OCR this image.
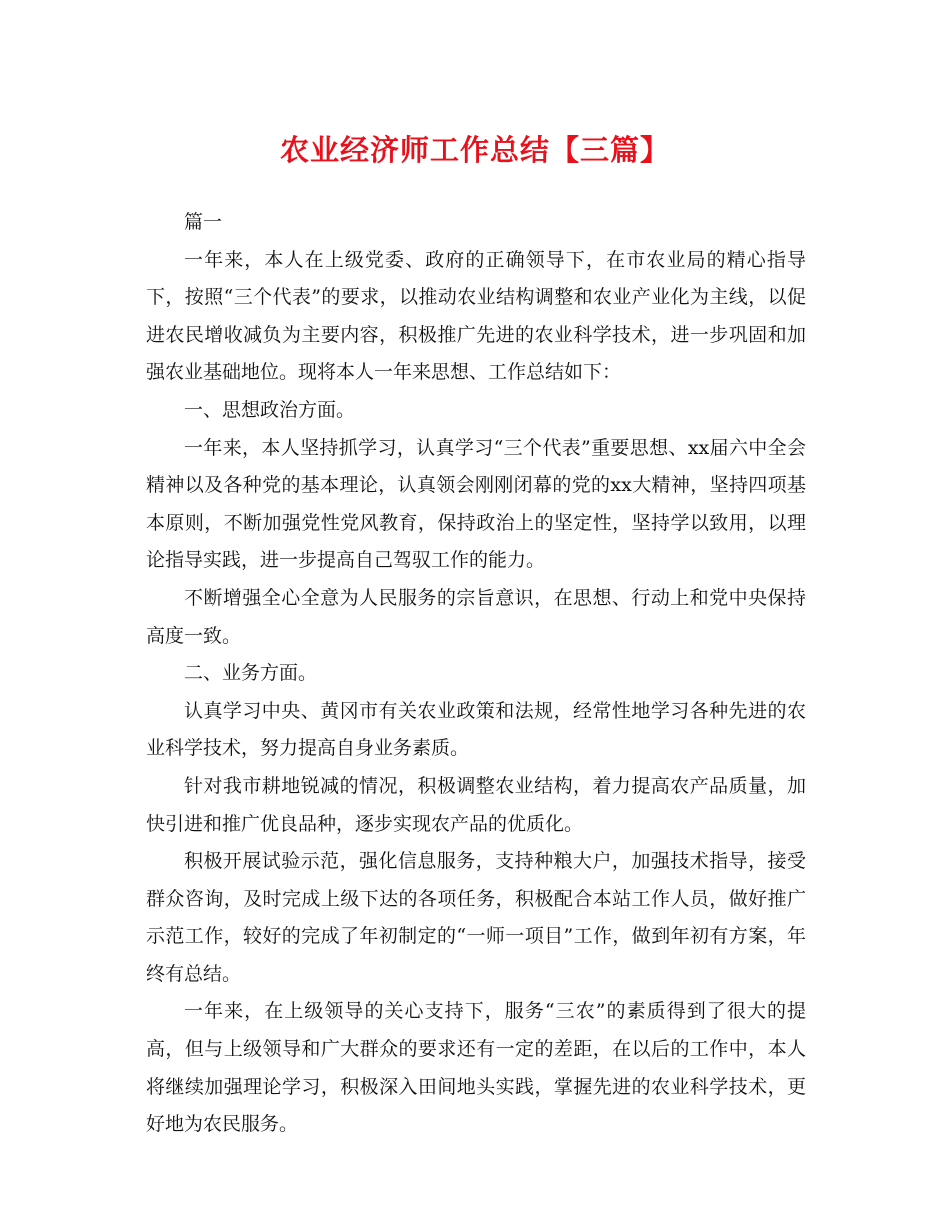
农业经济师工作总结【三篇】

篇一

一年来，本人在上级党委、政府的正确领导下，在市农业局的精心指导下，按照“三个代表”的要求，以推动农业结构调整和农业产业化为主线，以促进农民增收减负为主要内容，积极推广先进的农业科学技术，进一步巩固和加强农业基础地位。现将本人一年来思想、工作总结如下：

一、思想政治方面。

一年来，本人坚持抓学习，认真学习“三个代表”重要思想、xx届六中全会精神以及各种党的基本理论，认真领会刚刚闭幕的党的xx大精神，坚持四项基本原则，不断加强党性党风教育，保持政治上的坚定性，坚持学以致用，以理论指导实践，进一步提高自己驾驭工作的能力。

不断增强全心全意为人民服务的宗旨意识，在思想、行动上和党中央保持高度一致。

二、业务方面。

认真学习中央、黄冈市有关农业政策和法规，经常性地学习各种先进的农业科学技术，努力提高自身业务素质。

针对我市耕地锐减的情况，积极调整农业结构，着力提高农产品质量，加快引进和推广优良品种，逐步实现农产品的优质化。

积极开展试验示范，强化信息服务，支持种粮大户，加强技术指导，接受群众咨询，及时完成上级下达的各项任务，积极配合本站工作人员，做好推广示范工作，较好的完成了年初制定的“一师一项目”工作，做到年初有方案，年终有总结。

一年来，在上级领导的关心支持下，服务“三农”的素质得到了很大的提高，但与上级领导和广大群众的要求还有一定的差距，在以后的工作中，本人将继续加强理论学习，积极深入田间地头实践，掌握先进的农业科学技术，更好地为农民服务。
